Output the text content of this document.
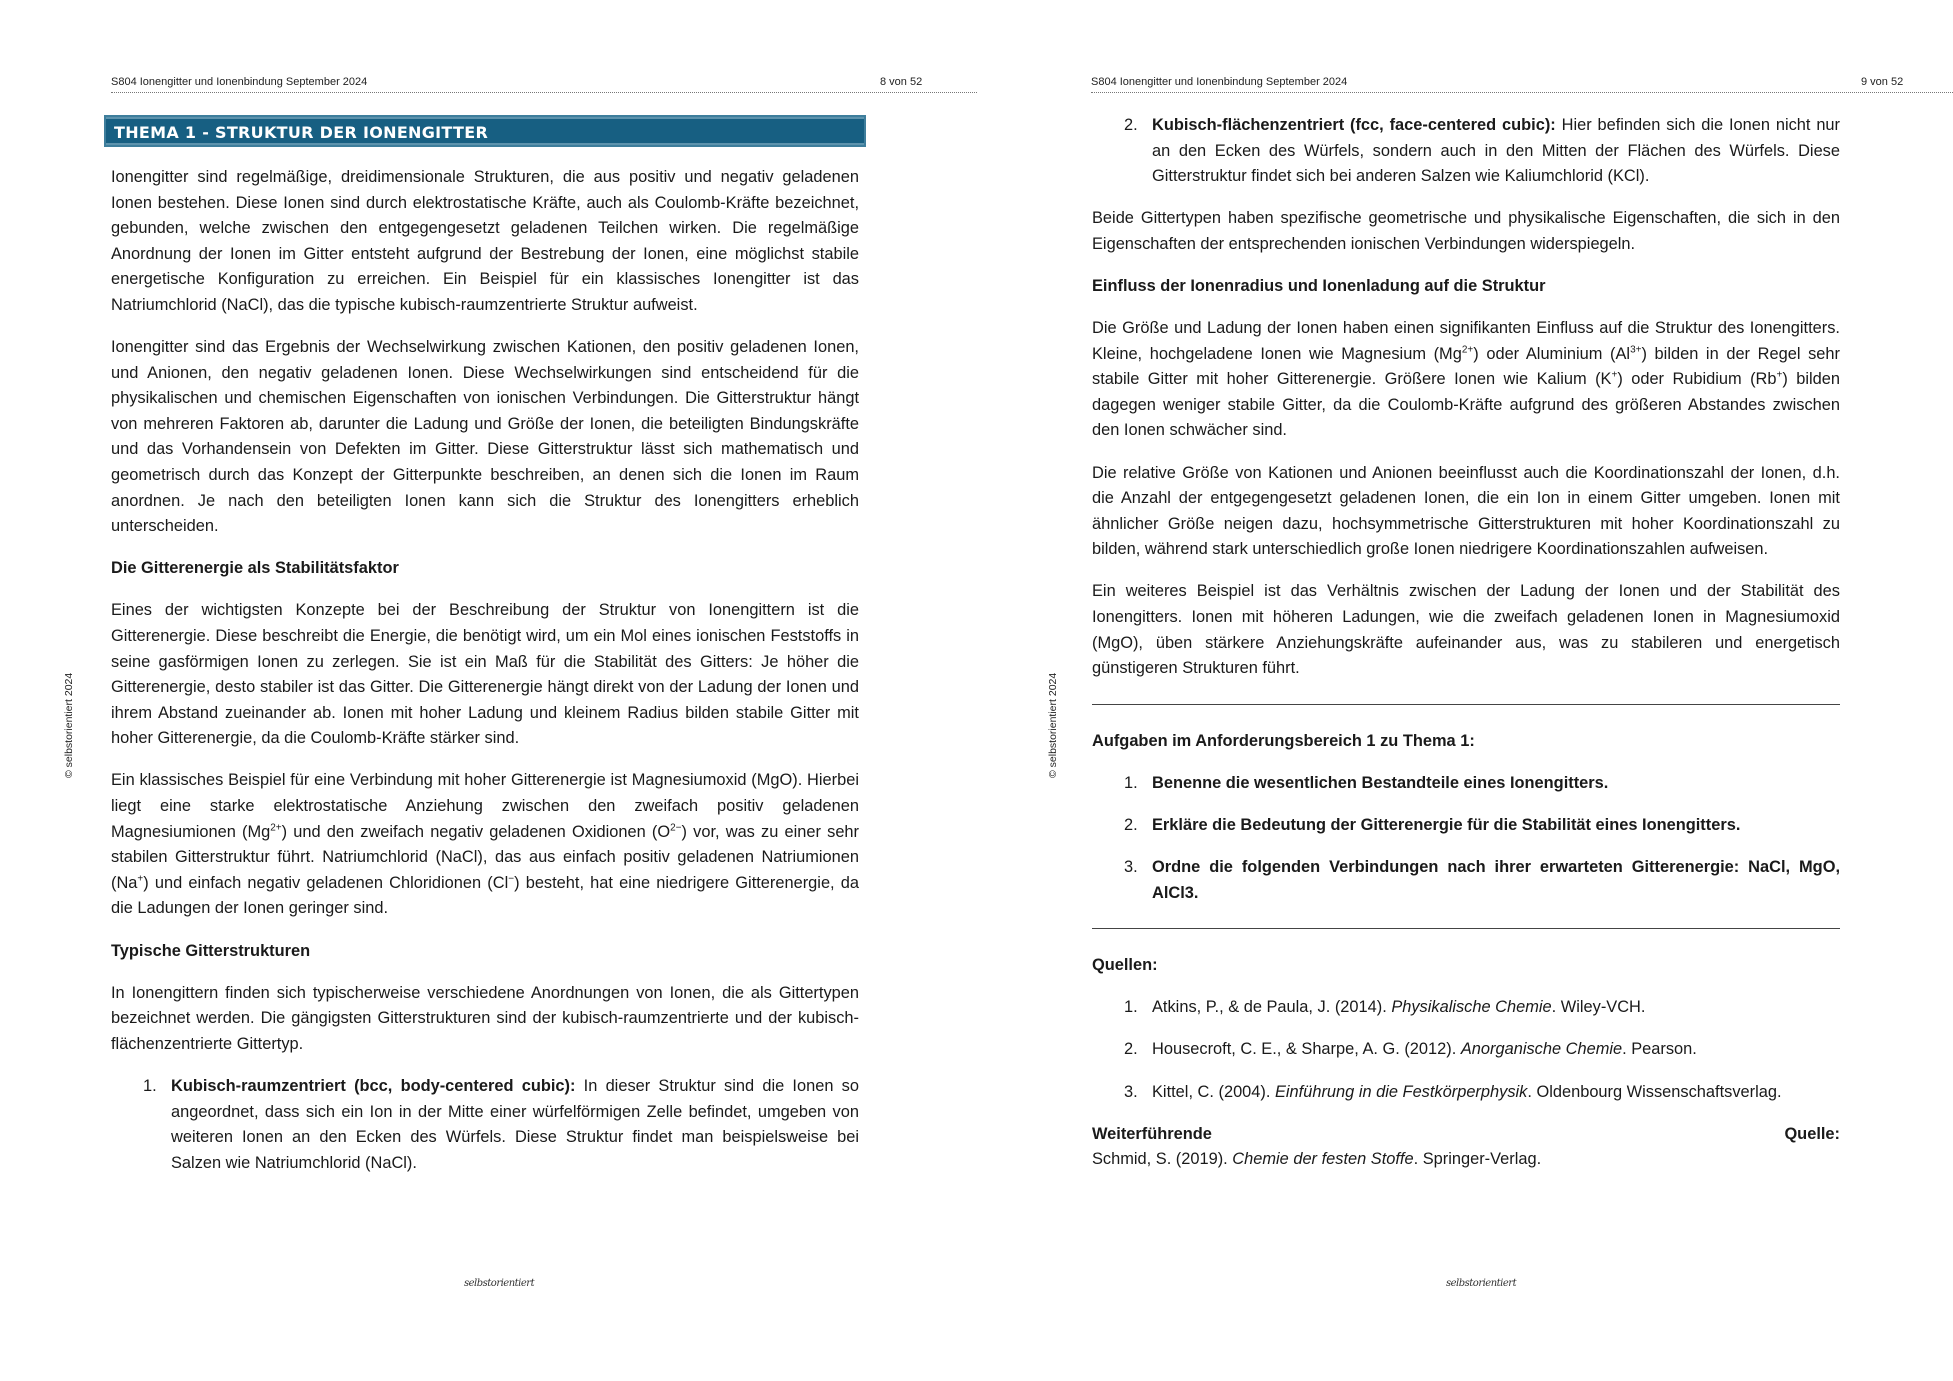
S804 Ionengitter und Ionenbindung September 2024	8 von 52
© selbstorientiert 2024
THEMA 1 - STRUKTUR DER IONENGITTER

Ionengitter sind regelmäßige, dreidimensionale Strukturen, die aus positiv und negativ geladenen Ionen bestehen. Diese Ionen sind durch elektrostatische Kräfte, auch als Coulomb-Kräfte bezeichnet, gebunden, welche zwischen den entgegengesetzt geladenen Teilchen wirken. Die regelmäßige Anordnung der Ionen im Gitter entsteht aufgrund der Bestrebung der Ionen, eine möglichst stabile energetische Konfiguration zu erreichen. Ein Beispiel für ein klassisches Ionengitter ist das Natriumchlorid (NaCl), das die typische kubisch-raumzentrierte Struktur aufweist.

Ionengitter sind das Ergebnis der Wechselwirkung zwischen Kationen, den positiv geladenen Ionen, und Anionen, den negativ geladenen Ionen. Diese Wechselwirkungen sind entscheidend für die physikalischen und chemischen Eigenschaften von ionischen Verbindungen. Die Gitterstruktur hängt von mehreren Faktoren ab, darunter die Ladung und Größe der Ionen, die beteiligten Bindungskräfte und das Vorhandensein von Defekten im Gitter. Diese Gitterstruktur lässt sich mathematisch und geometrisch durch das Konzept der Gitterpunkte beschreiben, an denen sich die Ionen im Raum anordnen. Je nach den beteiligten Ionen kann sich die Struktur des Ionengitters erheblich unterscheiden.

Die Gitterenergie als Stabilitätsfaktor

Eines der wichtigsten Konzepte bei der Beschreibung der Struktur von Ionengittern ist die Gitterenergie. Diese beschreibt die Energie, die benötigt wird, um ein Mol eines ionischen Feststoffs in seine gasförmigen Ionen zu zerlegen. Sie ist ein Maß für die Stabilität des Gitters: Je höher die Gitterenergie, desto stabiler ist das Gitter. Die Gitterenergie hängt direkt von der Ladung der Ionen und ihrem Abstand zueinander ab. Ionen mit hoher Ladung und kleinem Radius bilden stabile Gitter mit hoher Gitterenergie, da die Coulomb-Kräfte stärker sind.

Ein klassisches Beispiel für eine Verbindung mit hoher Gitterenergie ist Magnesiumoxid (MgO). Hierbei liegt eine starke elektrostatische Anziehung zwischen den zweifach positiv geladenen Magnesiumionen $(Mg^{2+})$ und den zweifach negativ geladenen Oxidionen $(O^{2-})$ vor, was zu einer sehr stabilen Gitterstruktur führt. Natriumchlorid (NaCl), das aus einfach positiv geladenen Natriumionen (Na+) und einfach negativ geladenen Chloridionen (Cl−) besteht, hat eine niedrigere Gitterenergie, da die Ladungen der Ionen geringer sind.

Typische Gitterstrukturen

In Ionengittern finden sich typischerweise verschiedene Anordnungen von Ionen, die als Gittertypen bezeichnet werden. Die gängigsten Gitterstrukturen sind der kubisch-raumzentrierte und der kubisch-flächenzentrierte Gittertyp.

1. Kubisch-raumzentriert (bcc, body-centered cubic): In dieser Struktur sind die Ionen so angeordnet, dass sich ein Ion in der Mitte einer würfelförmigen Zelle befindet, umgeben von weiteren Ionen an den Ecken des Würfels. Diese Struktur findet man beispielsweise bei Salzen wie Natriumchlorid (NaCl).
selbstorientiert
S804 Ionengitter und Ionenbindung September 2024	9 von 52
© selbstorientiert 2024
2. Kubisch-flächenzentriert (fcc, face-centered cubic): Hier befinden sich die Ionen nicht nur an den Ecken des Würfels, sondern auch in den Mitten der Flächen des Würfels. Diese Gitterstruktur findet sich bei anderen Salzen wie Kaliumchlorid (KCl).

Beide Gittertypen haben spezifische geometrische und physikalische Eigenschaften, die sich in den Eigenschaften der entsprechenden ionischen Verbindungen widerspiegeln.

Einfluss der Ionenradius und Ionenladung auf die Struktur

Die Größe und Ladung der Ionen haben einen signifikanten Einfluss auf die Struktur des Ionengitters. Kleine, hochgeladene Ionen wie Magnesium $(Mg^{2+})$ oder Aluminium $(Al^{3+})$ bilden in der Regel sehr stabile Gitter mit hoher Gitterenergie. Größere Ionen wie Kalium (K+) oder Rubidium (Rb+) bilden dagegen weniger stabile Gitter, da die Coulomb-Kräfte aufgrund des größeren Abstandes zwischen den Ionen schwächer sind.

Die relative Größe von Kationen und Anionen beeinflusst auch die Koordinationszahl der Ionen, d.h. die Anzahl der entgegengesetzt geladenen Ionen, die ein Ion in einem Gitter umgeben. Ionen mit ähnlicher Größe neigen dazu, hochsymmetrische Gitterstrukturen mit hoher Koordinationszahl zu bilden, während stark unterschiedlich große Ionen niedrigere Koordinationszahlen aufweisen.

Ein weiteres Beispiel ist das Verhältnis zwischen der Ladung der Ionen und der Stabilität des Ionengitters. Ionen mit höheren Ladungen, wie die zweifach geladenen Ionen in Magnesiumoxid (MgO), üben stärkere Anziehungskräfte aufeinander aus, was zu stabileren und energetisch günstigeren Strukturen führt.

Aufgaben im Anforderungsbereich 1 zu Thema 1:
1. Benenne die wesentlichen Bestandteile eines Ionengitters.
2. Erkläre die Bedeutung der Gitterenergie für die Stabilität eines Ionengitters.
3. Ordne die folgenden Verbindungen nach ihrer erwarteten Gitterenergie: NaCl, MgO, AlCl3.
Quellen:
1. Atkins, P., & de Paula, J. (2014). Physikalische Chemie. Wiley-VCH.
2. Housecroft, C. E., & Sharpe, A. G. (2012). Anorganische Chemie. Pearson.
3. Kittel, C. (2004). Einführung in die Festkörperphysik. Oldenbourg Wissenschaftsverlag.
Weiterführende	Quelle:
Schmid, S. (2019). Chemie der festen Stoffe. Springer-Verlag.
selbstorientiert
